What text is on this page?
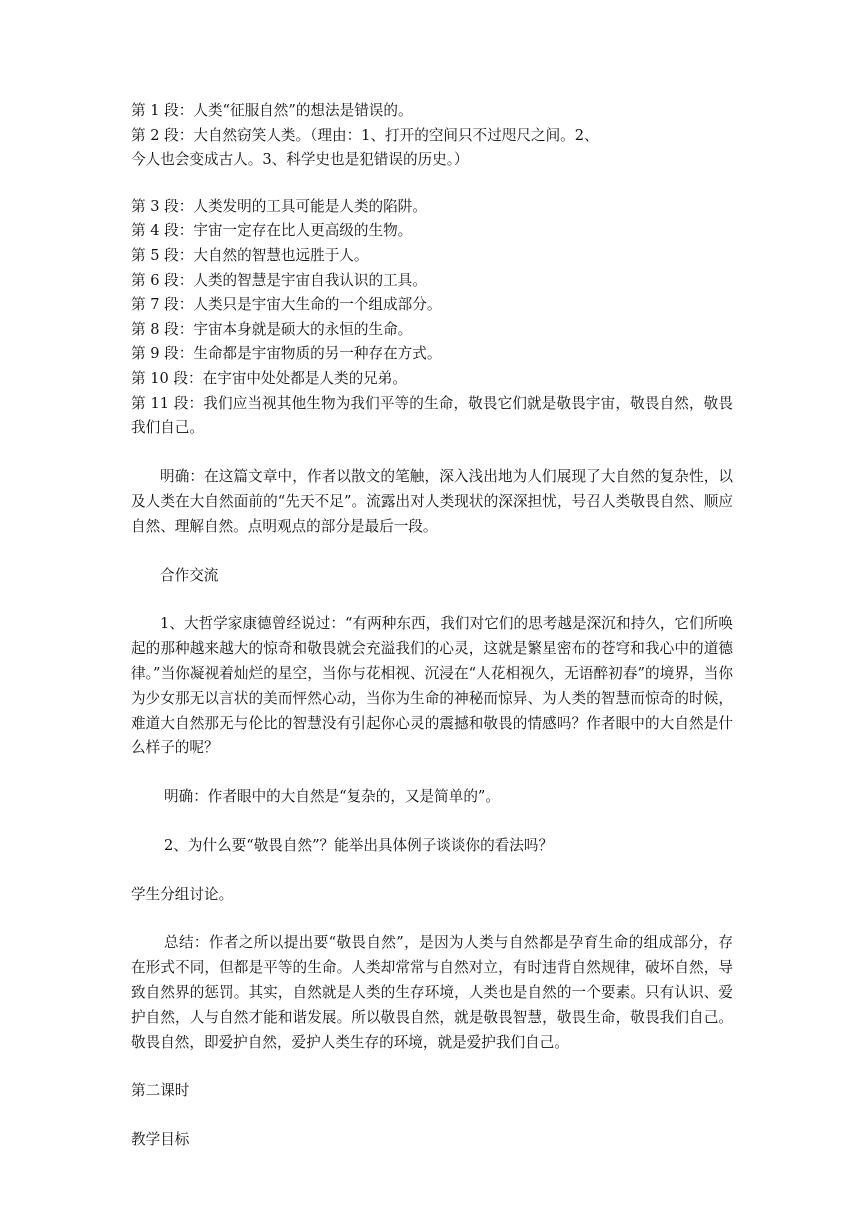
第 1 段：人类“征服自然”的想法是错误的。
第 2 段：大自然窃笑人类。（理由：1、打开的空间只不过咫尺之间。2、
今人也会变成古人。3、科学史也是犯错误的历史。）
第 3 段：人类发明的工具可能是人类的陷阱。
第 4 段：宇宙一定存在比人更高级的生物。
第 5 段：大自然的智慧也远胜于人。
第 6 段：人类的智慧是宇宙自我认识的工具。
第 7 段：人类只是宇宙大生命的一个组成部分。
第 8 段：宇宙本身就是硕大的永恒的生命。
第 9 段：生命都是宇宙物质的另一种存在方式。
第 10 段：在宇宙中处处都是人类的兄弟。
第 11 段：我们应当视其他生物为我们平等的生命，敬畏它们就是敬畏宇宙，敬畏自然，敬畏我们自己。

明确：在这篇文章中，作者以散文的笔触，深入浅出地为人们展现了大自然的复杂性，以及人类在大自然面前的“先天不足”。流露出对人类现状的深深担忧，号召人类敬畏自然、顺应自然、理解自然。点明观点的部分是最后一段。

合作交流

1、大哲学家康德曾经说过：“有两种东西，我们对它们的思考越是深沉和持久，它们所唤起的那种越来越大的惊奇和敬畏就会充溢我们的心灵，这就是繁星密布的苍穹和我心中的道德律。”当你凝视着灿烂的星空，当你与花相视、沉浸在“人花相视久，无语醉初春”的境界，当你为少女那无以言状的美而怦然心动，当你为生命的神秘而惊异、为人类的智慧而惊奇的时候，难道大自然那无与伦比的智慧没有引起你心灵的震撼和敬畏的情感吗？作者眼中的大自然是什么样子的呢？

明确：作者眼中的大自然是“复杂的，又是简单的”。

2、为什么要“敬畏自然”？能举出具体例子谈谈你的看法吗？

学生分组讨论。

总结：作者之所以提出要“敬畏自然”，是因为人类与自然都是孕育生命的组成部分，存在形式不同，但都是平等的生命。人类却常常与自然对立，有时违背自然规律，破坏自然，导致自然界的惩罚。其实，自然就是人类的生存环境，人类也是自然的一个要素。只有认识、爱护自然，人与自然才能和谐发展。所以敬畏自然，就是敬畏智慧，敬畏生命，敬畏我们自己。敬畏自然，即爱护自然，爱护人类生存的环境，就是爱护我们自己。

第二课时

教学目标
